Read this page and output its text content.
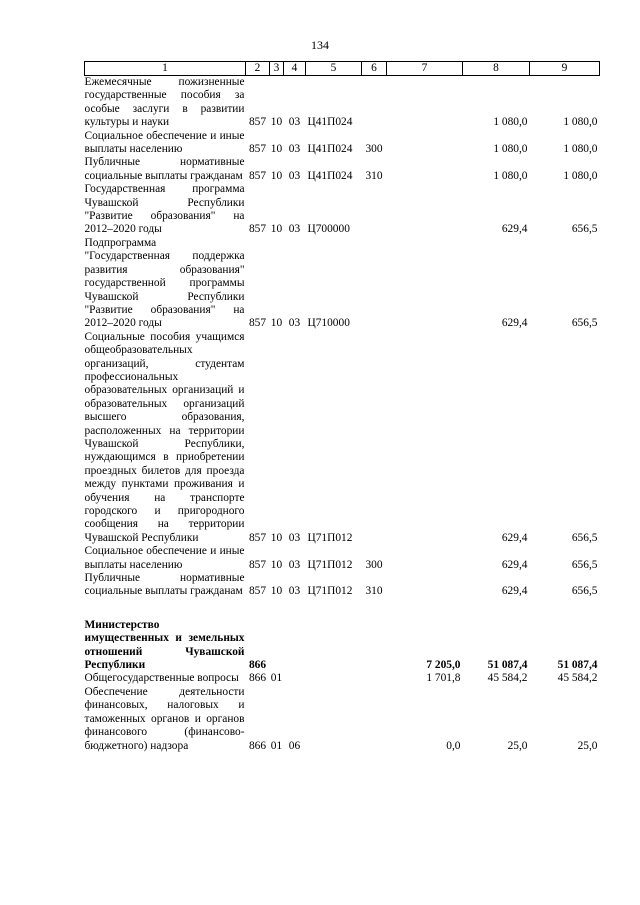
134
1	2	3	4	5	6	7	8	9
Ежемесячные пожизненные государственные пособия за особые заслуги в развитии культуры и науки	857	10	03	Ц41П024			1 080,0	1 080,0
Социальное обеспечение и иные выплаты населению	857	10	03	Ц41П024	300		1 080,0	1 080,0
Публичные нормативные социальные выплаты гражданам	857	10	03	Ц41П024	310		1 080,0	1 080,0
Государственная программа Чувашской Республики "Развитие образования" на 2012–2020 годы	857	10	03	Ц700000			629,4	656,5
Подпрограмма "Государственная поддержка развития образования" государственной программы Чувашской Республики "Развитие образования" на 2012–2020 годы	857	10	03	Ц710000			629,4	656,5
Социальные пособия учащимся общеобразовательных организаций, студентам профессиональных образовательных организаций и образовательных организаций высшего образования, расположенных на территории Чувашской Республики, нуждающимся в приобретении проездных билетов для проезда между пунктами проживания и обучения на транспорте городского и пригородного сообщения на территории Чувашской Республики	857	10	03	Ц71П012			629,4	656,5
Социальное обеспечение и иные выплаты населению	857	10	03	Ц71П012	300		629,4	656,5
Публичные нормативные социальные выплаты гражданам	857	10	03	Ц71П012	310		629,4	656,5

Министерство имущественных и земельных отношений Чувашской Республики	866					7 205,0	51 087,4	51 087,4
Общегосударственные вопросы	866	01				1 701,8	45 584,2	45 584,2
Обеспечение деятельности финансовых, налоговых и таможенных органов и органов финансового (финансово-бюджетного) надзора	866	01	06			0,0	25,0	25,0
